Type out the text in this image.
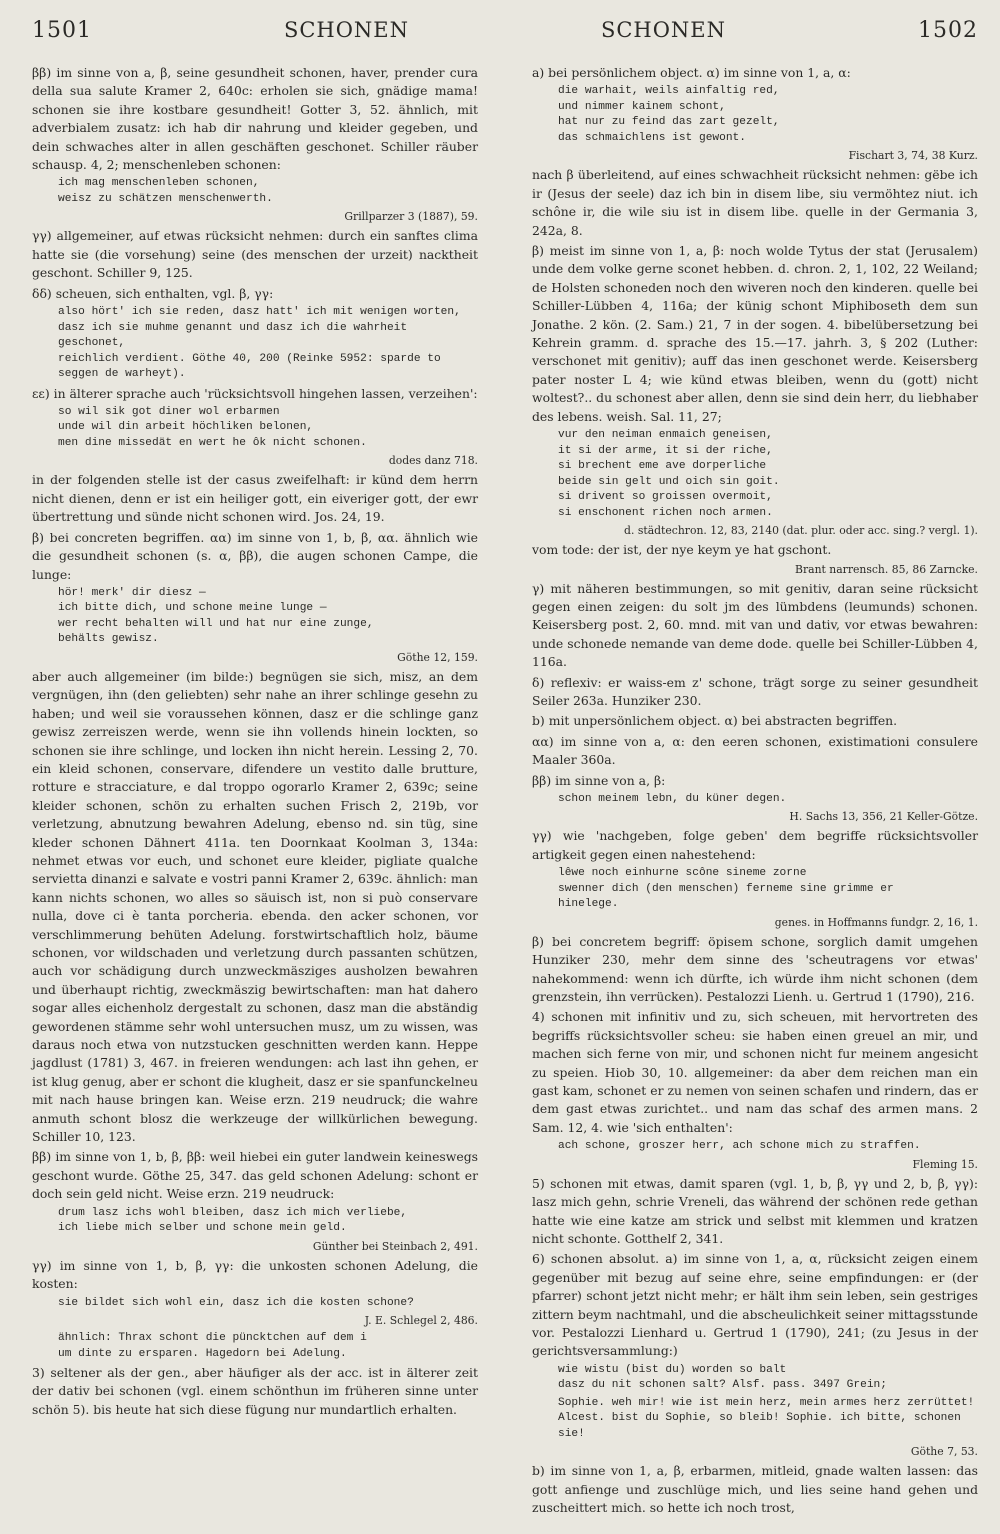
1501	SCHONEN	SCHONEN	1502

ββ) im sinne von a, β, seine gesundheit schonen, haver, prender cura della sua salute Kramer 2, 640c: erholen sie sich, gnädige mama! schonen sie ihre kostbare gesundheit! Gotter 3, 52. ähnlich, mit adverbialem zusatz: ich hab dir nahrung und kleider gegeben, und dein schwaches alter in allen geschäften geschonet. Schiller räuber schausp. 4, 2; menschenleben schonen:

ich mag menschenleben schonen,
weisz zu schätzen menschenwerth.
Grillparzer 3 (1887), 59.

γγ) allgemeiner, auf etwas rücksicht nehmen: durch ein sanftes clima hatte sie (die vorsehung) seine (des menschen der urzeit) nacktheit geschont. Schiller 9, 125.

δδ) scheuen, sich enthalten, vgl. β, γγ:

also hört' ich sie reden, dasz hatt' ich mit wenigen worten,
dasz ich sie muhme genannt und dasz ich die wahrheit geschonet,
reichlich verdient. Göthe 40, 200 (Reinke 5952: sparde to seggen de warheyt).

εε) in älterer sprache auch 'rücksichtsvoll hingehen lassen, verzeihen':

so wil sik got diner wol erbarmen
unde wil din arbeit höchliken belonen,
men dine missedät en wert he ôk nicht schonen.
dodes danz 718.

in der folgenden stelle ist der casus zweifelhaft: ir künd dem herrn nicht dienen, denn er ist ein heiliger gott, ein eiveriger gott, der ewr übertrettung und sünde nicht schonen wird. Jos. 24, 19.

β) bei concreten begriffen. αα) im sinne von 1, b, β, αα. ähnlich wie die gesundheit schonen (s. α, ββ), die augen schonen Campe, die lunge:

hör! merk' dir diesz —
ich bitte dich, und schone meine lunge —
wer recht behalten will und hat nur eine zunge,
behälts gewisz.
Göthe 12, 159.

aber auch allgemeiner (im bilde:) begnügen sie sich, misz, an dem vergnügen, ihn (den geliebten) sehr nahe an ihrer schlinge gesehn zu haben; und weil sie voraussehen können, dasz er die schlinge ganz gewisz zerreiszen werde, wenn sie ihn vollends hinein lockten, so schonen sie ihre schlinge, und locken ihn nicht herein. Lessing 2, 70. ein kleid schonen, conservare, difendere un vestito dalle brutture, rotture e stracciature, e dal troppo ogorarlo Kramer 2, 639c; seine kleider schonen, schön zu erhalten suchen Frisch 2, 219b, vor verletzung, abnutzung bewahren Adelung, ebenso nd. sin tüg, sine kleder schonen Dähnert 411a. ten Doornkaat Koolman 3, 134a: nehmet etwas vor euch, und schonet eure kleider, pigliate qualche servietta dinanzi e salvate e vostri panni Kramer 2, 639c. ähnlich: man kann nichts schonen, wo alles so säuisch ist, non si può conservare nulla, dove ci è tanta porcheria. ebenda. den acker schonen, vor verschlimmerung behüten Adelung. forstwirtschaftlich holz, bäume schonen, vor wildschaden und verletzung durch passanten schützen, auch vor schädigung durch unzweckmäsziges ausholzen bewahren und überhaupt richtig, zweckmäszig bewirtschaften: man hat dahero sogar alles eichenholz dergestalt zu schonen, dasz man die abständig gewordenen stämme sehr wohl untersuchen musz, um zu wissen, was daraus noch etwa von nutzstucken geschnitten werden kann. Heppe jagdlust (1781) 3, 467. in freieren wendungen: ach last ihn gehen, er ist klug genug, aber er schont die klugheit, dasz er sie spanfunckelneu mit nach hause bringen kan. Weise erzn. 219 neudruck; die wahre anmuth schont blosz die werkzeuge der willkürlichen bewegung. Schiller 10, 123.

ββ) im sinne von 1, b, β, ββ: weil hiebei ein guter landwein keineswegs geschont wurde. Göthe 25, 347. das geld schonen Adelung: schont er doch sein geld nicht. Weise erzn. 219 neudruck:

drum lasz ichs wohl bleiben, dasz ich mich verliebe,
ich liebe mich selber und schone mein geld.
Günther bei Steinbach 2, 491.

γγ) im sinne von 1, b, β, γγ: die unkosten schonen Adelung, die kosten:

sie bildet sich wohl ein, dasz ich die kosten schone?
J. E. Schlegel 2, 486.
ähnlich: Thrax schont die püncktchen auf dem i
um dinte zu ersparen. Hagedorn bei Adelung.

3) seltener als der gen., aber häufiger als der acc. ist in älterer zeit der dativ bei schonen (vgl. einem schönthun im früheren sinne unter schön 5). bis heute hat sich diese fügung nur mundartlich erhalten.

a) bei persönlichem object. α) im sinne von 1, a, α:

die warhait, weils ainfaltig red,
und nimmer kainem schont,
hat nur zu feind das zart gezelt,
das schmaichlens ist gewont.
Fischart 3, 74, 38 Kurz.

nach β überleitend, auf eines schwachheit rücksicht nehmen: gëbe ich ir (Jesus der seele) daz ich bin in disem libe, siu vermöhtez niut. ich schône ir, die wile siu ist in disem libe. quelle in der Germania 3, 242a, 8.

β) meist im sinne von 1, a, β: noch wolde Tytus der stat (Jerusalem) unde dem volke gerne sconet hebben. d. chron. 2, 1, 102, 22 Weiland; de Holsten schoneden noch den wiveren noch den kinderen. quelle bei Schiller-Lübben 4, 116a; der künig schont Miphiboseth dem sun Jonathe. 2 kön. (2. Sam.) 21, 7 in der sogen. 4. bibelübersetzung bei Kehrein gramm. d. sprache des 15.—17. jahrh. 3, § 202 (Luther: verschonet mit genitiv); auff das inen geschonet werde. Keisersberg pater noster L 4; wie künd etwas bleiben, wenn du (gott) nicht woltest?.. du schonest aber allen, denn sie sind dein herr, du liebhaber des lebens. weish. Sal. 11, 27;

vur den neiman enmaich geneisen,
it si der arme, it si der riche,
si brechent eme ave dorperliche
beide sin gelt und oich sin goit.
si drivent so groissen overmoit,
si enschonent richen noch armen.
d. städtechron. 12, 83, 2140 (dat. plur. oder acc. sing.? vergl. 1).

vom tode: der ist, der nye keym ye hat gschont.

Brant narrensch. 85, 86 Zarncke.

γ) mit näheren bestimmungen, so mit genitiv, daran seine rücksicht gegen einen zeigen: du solt jm des lümbdens (leumunds) schonen. Keisersberg post. 2, 60. mnd. mit van und dativ, vor etwas bewahren: unde schonede nemande van deme dode. quelle bei Schiller-Lübben 4, 116a.

δ) reflexiv: er waiss-em z' schone, trägt sorge zu seiner gesundheit Seiler 263a. Hunziker 230.

b) mit unpersönlichem object. α) bei abstracten begriffen.

αα) im sinne von a, α: den eeren schonen, existimationi consulere Maaler 360a.

ββ) im sinne von a, β:

schon meinem lebn, du küner degen.
H. Sachs 13, 356, 21 Keller-Götze.

γγ) wie 'nachgeben, folge geben' dem begriffe rücksichtsvoller artigkeit gegen einen nahestehend:

lêwe noch einhurne scône sineme zorne
swenner dich (den menschen) ferneme sine grimme er
hinelege.
genes. in Hoffmanns fundgr. 2, 16, 1.

β) bei concretem begriff: öpisem schone, sorglich damit umgehen Hunziker 230, mehr dem sinne des 'scheutragens vor etwas' nahekommend: wenn ich dürfte, ich würde ihm nicht schonen (dem grenzstein, ihn verrücken). Pestalozzi Lienh. u. Gertrud 1 (1790), 216.

4) schonen mit infinitiv und zu, sich scheuen, mit hervortreten des begriffs rücksichtsvoller scheu: sie haben einen greuel an mir, und machen sich ferne von mir, und schonen nicht fur meinem angesicht zu speien. Hiob 30, 10. allgemeiner: da aber dem reichen man ein gast kam, schonet er zu nemen von seinen schafen und rindern, das er dem gast etwas zurichtet.. und nam das schaf des armen mans. 2 Sam. 12, 4. wie 'sich enthalten':

ach schone, groszer herr, ach schone mich zu straffen.
Fleming 15.

5) schonen mit etwas, damit sparen (vgl. 1, b, β, γγ und 2, b, β, γγ): lasz mich gehn, schrie Vreneli, das während der schönen rede gethan hatte wie eine katze am strick und selbst mit klemmen und kratzen nicht schonte. Gotthelf 2, 341.

6) schonen absolut. a) im sinne von 1, a, α, rücksicht zeigen einem gegenüber mit bezug auf seine ehre, seine empfindungen: er (der pfarrer) schont jetzt nicht mehr; er hält ihm sein leben, sein gestriges zittern beym nachtmahl, und die abscheulichkeit seiner mittagsstunde vor. Pestalozzi Lienhard u. Gertrud 1 (1790), 241; (zu Jesus in der gerichtsversammlung:)

wie wistu (bist du) worden so balt
dasz du nit schonen salt? Alsf. pass. 3497 Grein;
Sophie. weh mir! wie ist mein herz, mein armes herz zerrüttet!
Alcest. bist du Sophie, so bleib! Sophie. ich bitte, schonen sie!
Göthe 7, 53.

b) im sinne von 1, a, β, erbarmen, mitleid, gnade walten lassen: das gott anfienge und zuschlüge mich, und lies seine hand gehen und zuscheittert mich. so hette ich noch trost,
